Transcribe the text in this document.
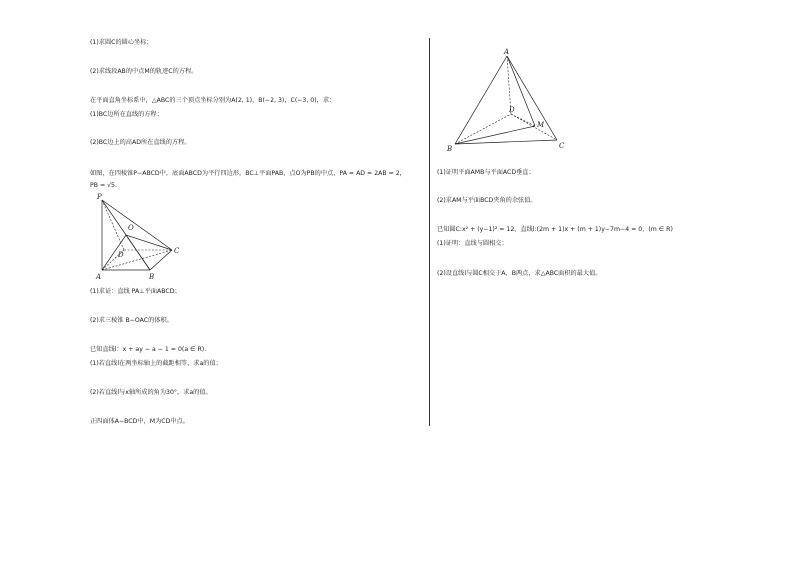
(1)求圆C的圆心坐标；
(2)求线段AB的中点M的轨迹C的方程。
在平面直角坐标系中，△ABC的三个顶点坐标分别为A(2, 1)，B(−2, 3)，C(−3, 0)，求：
(1)BC边所在直线的方程；
(2)BC边上的高AD所在直线的方程。
如图，在四棱锥P−ABCD中，底面ABCD为平行四边形，BC⊥平面PAB，点O为PB的中点，PA = AD = 2AB = 2，
PB = √5.
P
O
D	C
A	B
(1)求证：直线 PA⊥平面ABCD；
(2)求三棱锥 B−OAC的体积。
已知直线l：x + ay − a − 1 = 0(a ∈ R).
(1)若直线l在两坐标轴上的截距相等，求a的值；
(2)若直线l与x轴所成的角为30°，求a的值。
正四面体A−BCD中，M为CD中点。
A
D
M
B	C
(1)证明平面AMB与平面ACD垂直；
(2)求AM与平面BCD夹角的余弦值。
已知圆C:x² + (y−1)² = 12，直线l:(2m + 1)x + (m + 1)y−7m−4 = 0，(m ∈ R)
(1)证明：直线与圆相交；
(2)设直线l与圆C相交于A，B两点，求△ABC面积的最大值。
